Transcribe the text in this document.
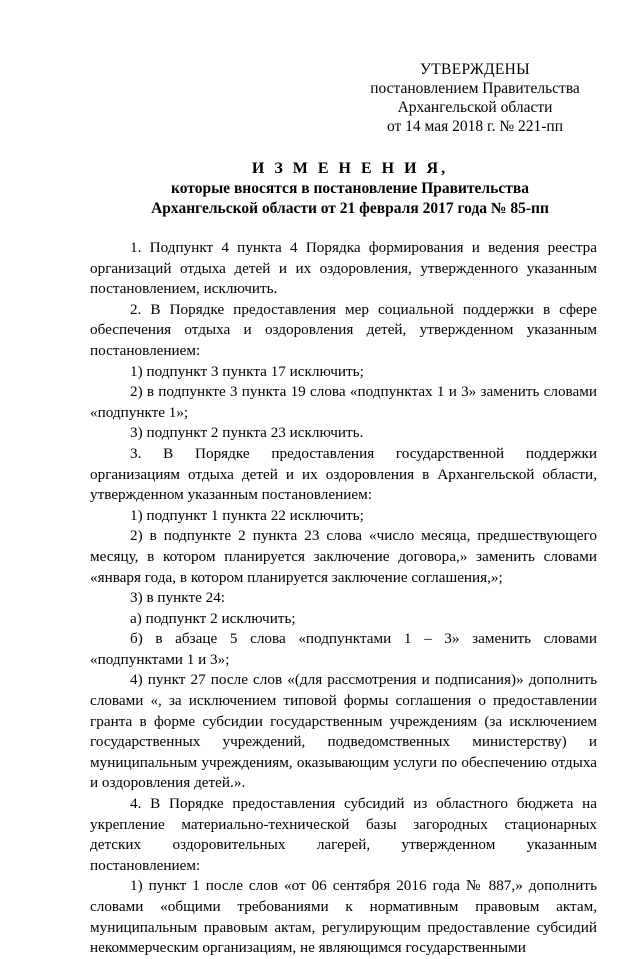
УТВЕРЖДЕНЫ
постановлением Правительства
Архангельской области
от 14 мая 2018 г. № 221-пп
И З М Е Н Е Н И Я,
которые вносятся в постановление Правительства
Архангельской области от 21 февраля 2017 года № 85-пп

1. Подпункт 4 пункта 4 Порядка формирования и ведения реестра организаций отдыха детей и их оздоровления, утвержденного указанным постановлением, исключить.

2. В Порядке предоставления мер социальной поддержки в сфере обеспечения отдыха и оздоровления детей, утвержденном указанным постановлением:

1) подпункт 3 пункта 17 исключить;

2) в подпункте 3 пункта 19 слова «подпунктах 1 и 3» заменить словами «подпункте 1»;

3) подпункт 2 пункта 23 исключить.

3. В Порядке предоставления государственной поддержки организациям отдыха детей и их оздоровления в Архангельской области, утвержденном указанным постановлением:

1) подпункт 1 пункта 22 исключить;

2) в подпункте 2 пункта 23 слова «число месяца, предшествующего месяцу, в котором планируется заключение договора,» заменить словами «января года, в котором планируется заключение соглашения,»;

3) в пункте 24:

а) подпункт 2 исключить;

б) в абзаце 5 слова «подпунктами 1 – 3» заменить словами «подпунктами 1 и 3»;

4) пункт 27 после слов «(для рассмотрения и подписания)» дополнить словами «, за исключением типовой формы соглашения о предоставлении гранта в форме субсидии государственным учреждениям (за исключением государственных учреждений, подведомственных министерству) и муниципальным учреждениям, оказывающим услуги по обеспечению отдыха и оздоровления детей.».

4. В Порядке предоставления субсидий из областного бюджета на укрепление материально-технической базы загородных стационарных детских оздоровительных лагерей, утвержденном указанным постановлением:

1) пункт 1 после слов «от 06 сентября 2016 года № 887,» дополнить словами «общими требованиями к нормативным правовым актам, муниципальным правовым актам, регулирующим предоставление субсидий некоммерческим организациям, не являющимся государственными
